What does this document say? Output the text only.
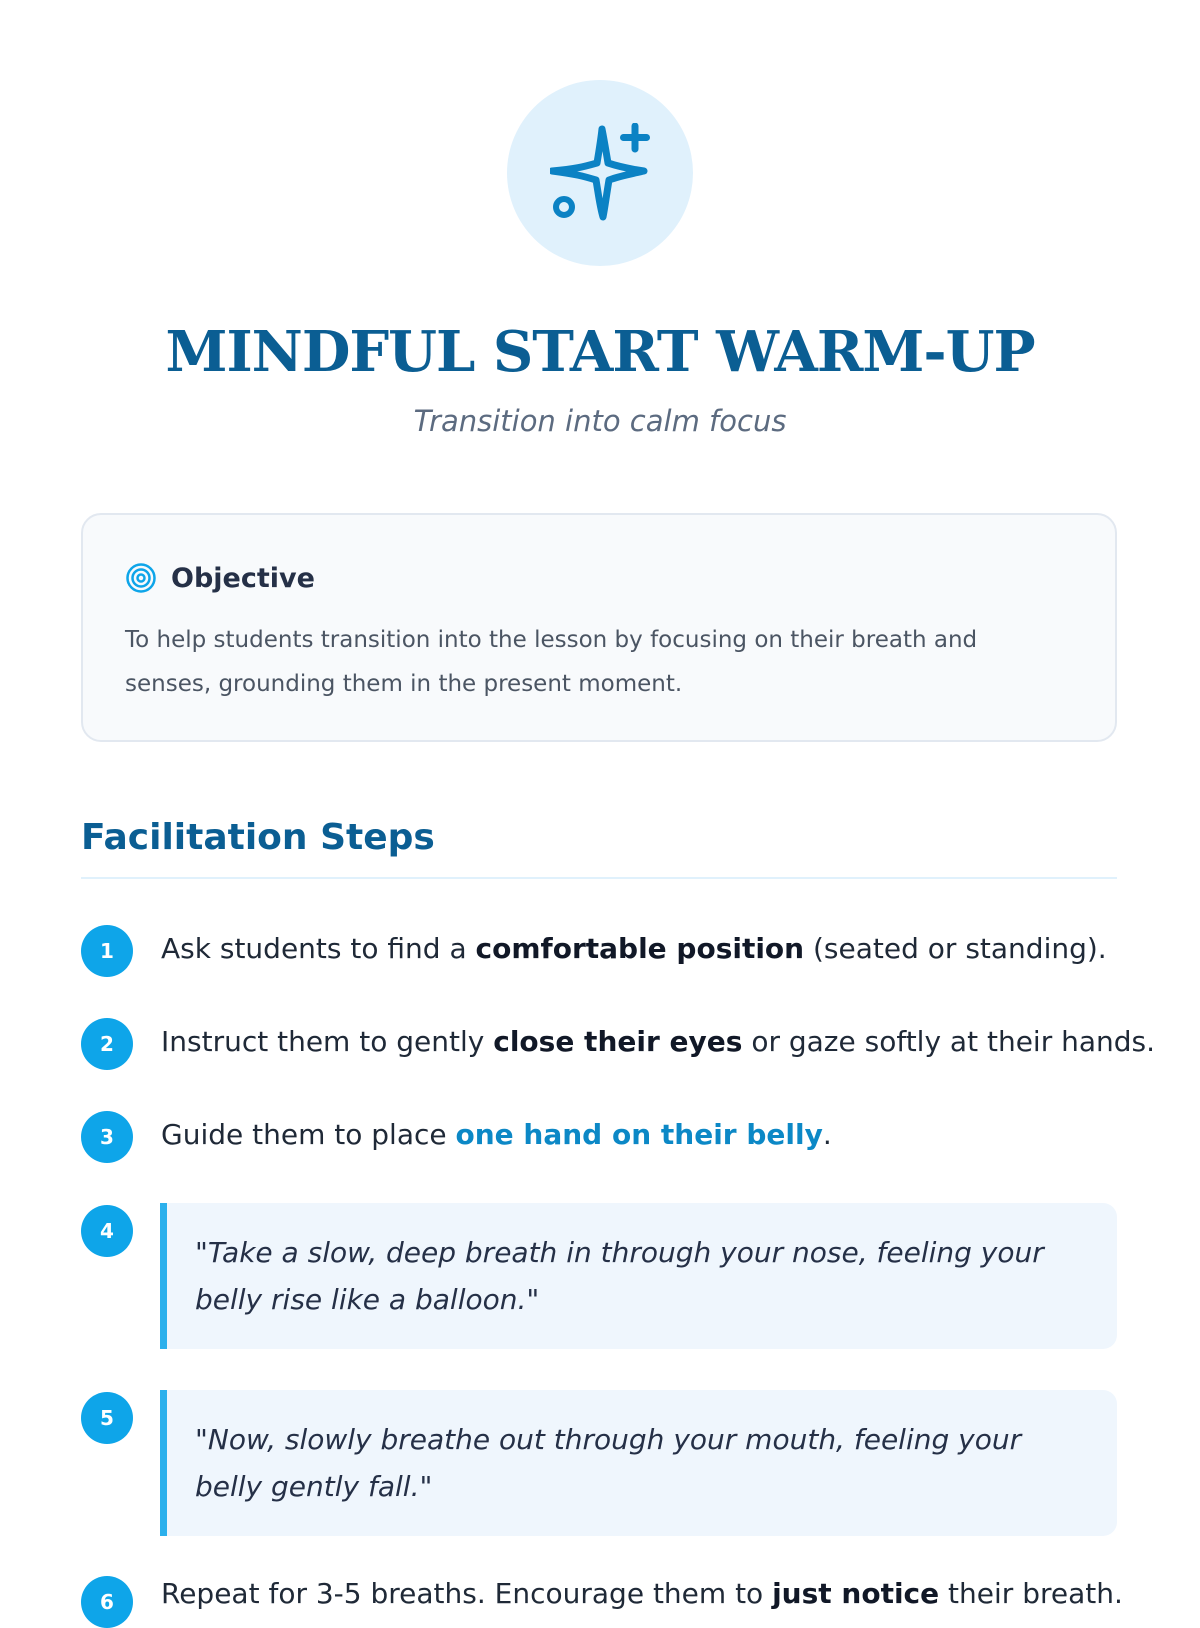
MINDFUL START WARM-UP
Transition into calm focus
Objective
To help students transition into the lesson by focusing on their breath and senses, grounding them in the present moment.
Facilitation Steps
1	Ask students to find a comfortable position (seated or standing).
2	Instruct them to gently close their eyes or gaze softly at their hands.
3	Guide them to place one hand on their belly.
4

"Take a slow, deep breath in through your nose, feeling your belly rise like a balloon."

5

"Now, slowly breathe out through your mouth, feeling your belly gently fall."

6	Repeat for 3-5 breaths. Encourage them to just notice their breath.
